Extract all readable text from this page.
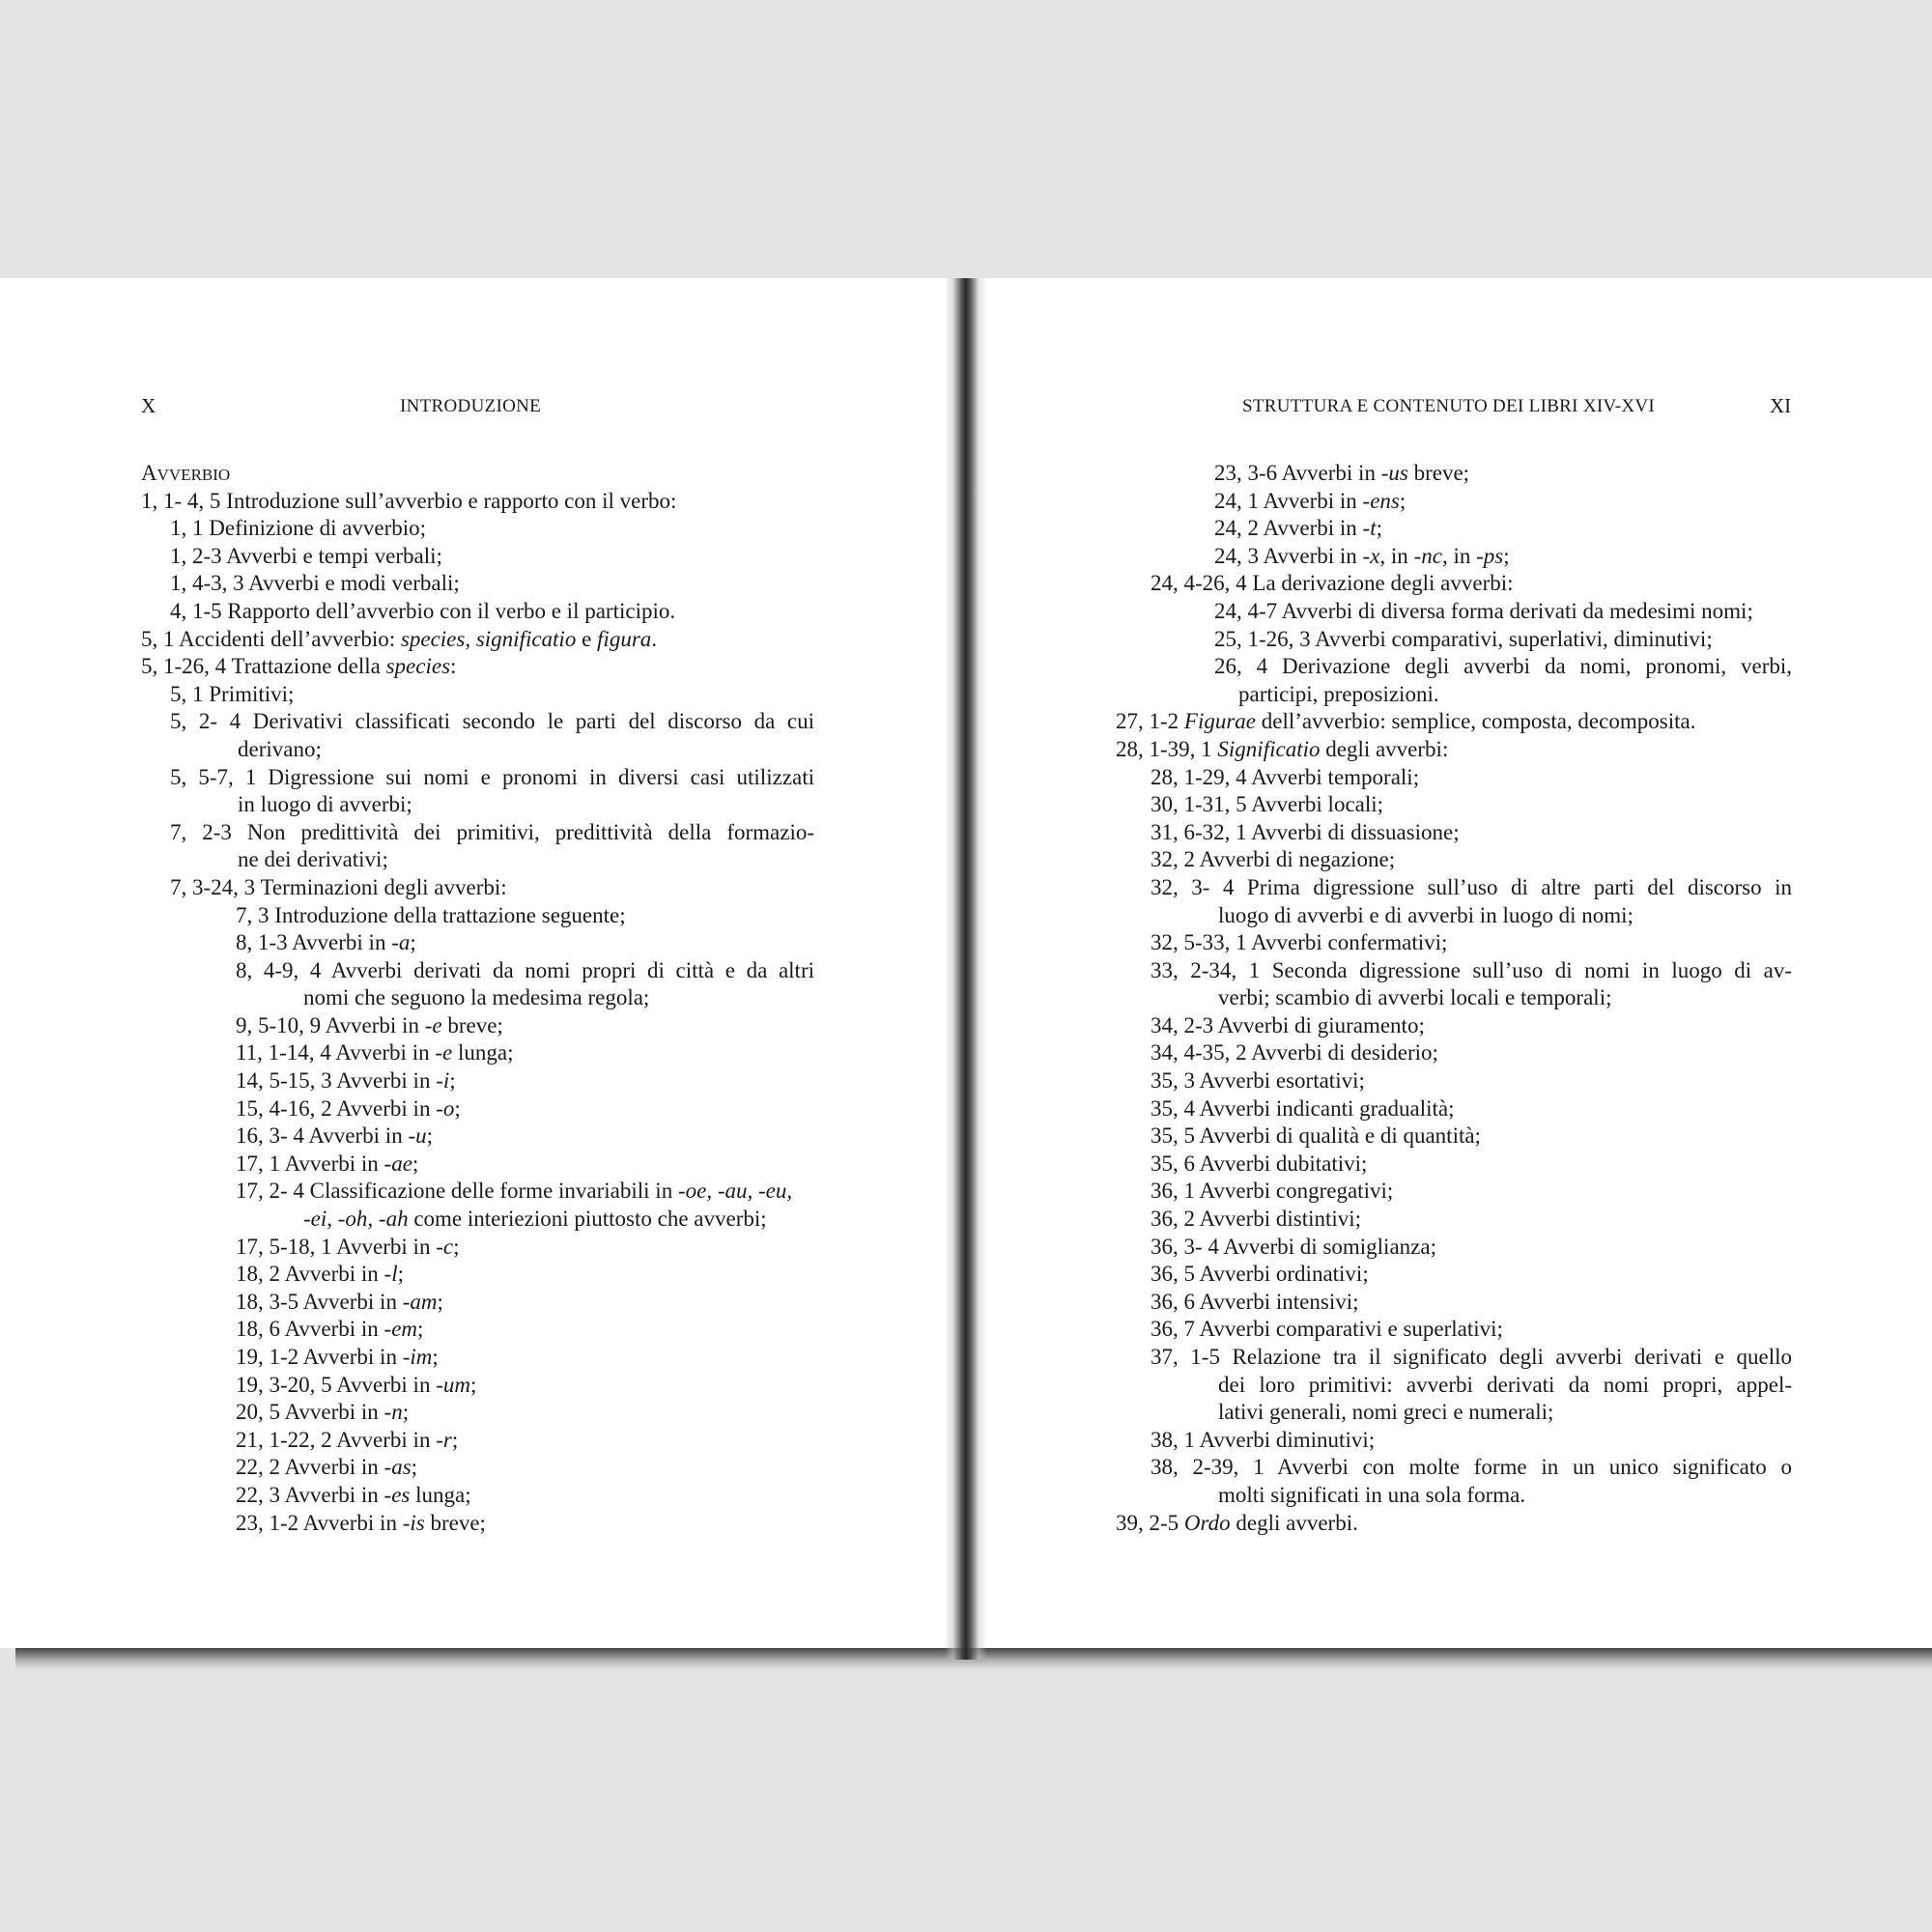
X	INTRODUZIONE
AVVERBIO
1, 1- 4, 5 Introduzione sull’avverbio e rapporto con il verbo:
1, 1 Definizione di avverbio;
1, 2-3 Avverbi e tempi verbali;
1, 4-3, 3 Avverbi e modi verbali;
4, 1-5 Rapporto dell’avverbio con il verbo e il participio.
5, 1 Accidenti dell’avverbio: species, significatio e figura.
5, 1-26, 4 Trattazione della species:
5, 1 Primitivi;
5, 2- 4 Derivativi classificati secondo le parti del discorso da cui
derivano;
5, 5-7, 1 Digressione sui nomi e pronomi in diversi casi utilizzati
in luogo di avverbi;
7, 2-3 Non predittività dei primitivi, predittività della formazio-
ne dei derivativi;
7, 3-24, 3 Terminazioni degli avverbi:
7, 3 Introduzione della trattazione seguente;
8, 1-3 Avverbi in -a;
8, 4-9, 4 Avverbi derivati da nomi propri di città e da altri
nomi che seguono la medesima regola;
9, 5-10, 9 Avverbi in -e breve;
11, 1-14, 4 Avverbi in -e lunga;
14, 5-15, 3 Avverbi in -i;
15, 4-16, 2 Avverbi in -o;
16, 3- 4 Avverbi in -u;
17, 1 Avverbi in -ae;
17, 2- 4 Classificazione delle forme invariabili in -oe, -au, -eu,
-ei, -oh, -ah come interiezioni piuttosto che avverbi;
17, 5-18, 1 Avverbi in -c;
18, 2 Avverbi in -l;
18, 3-5 Avverbi in -am;
18, 6 Avverbi in -em;
19, 1-2 Avverbi in -im;
19, 3-20, 5 Avverbi in -um;
20, 5 Avverbi in -n;
21, 1-22, 2 Avverbi in -r;
22, 2 Avverbi in -as;
22, 3 Avverbi in -es lunga;
23, 1-2 Avverbi in -is breve;
STRUTTURA E CONTENUTO DEI LIBRI XIV-XVI	XI
23, 3-6 Avverbi in -us breve;
24, 1 Avverbi in -ens;
24, 2 Avverbi in -t;
24, 3 Avverbi in -x, in -nc, in -ps;
24, 4-26, 4 La derivazione degli avverbi:
24, 4-7 Avverbi di diversa forma derivati da medesimi nomi;
25, 1-26, 3 Avverbi comparativi, superlativi, diminutivi;
26, 4 Derivazione degli avverbi da nomi, pronomi, verbi,
participi, preposizioni.
27, 1-2 Figurae dell’avverbio: semplice, composta, decomposita.
28, 1-39, 1 Significatio degli avverbi:
28, 1-29, 4 Avverbi temporali;
30, 1-31, 5 Avverbi locali;
31, 6-32, 1 Avverbi di dissuasione;
32, 2 Avverbi di negazione;
32, 3- 4 Prima digressione sull’uso di altre parti del discorso in
luogo di avverbi e di avverbi in luogo di nomi;
32, 5-33, 1 Avverbi confermativi;
33, 2-34, 1 Seconda digressione sull’uso di nomi in luogo di av-
verbi; scambio di avverbi locali e temporali;
34, 2-3 Avverbi di giuramento;
34, 4-35, 2 Avverbi di desiderio;
35, 3 Avverbi esortativi;
35, 4 Avverbi indicanti gradualità;
35, 5 Avverbi di qualità e di quantità;
35, 6 Avverbi dubitativi;
36, 1 Avverbi congregativi;
36, 2 Avverbi distintivi;
36, 3- 4 Avverbi di somiglianza;
36, 5 Avverbi ordinativi;
36, 6 Avverbi intensivi;
36, 7 Avverbi comparativi e superlativi;
37, 1-5 Relazione tra il significato degli avverbi derivati e quello
dei loro primitivi: avverbi derivati da nomi propri, appel-
lativi generali, nomi greci e numerali;
38, 1 Avverbi diminutivi;
38, 2-39, 1 Avverbi con molte forme in un unico significato o
molti significati in una sola forma.
39, 2-5 Ordo degli avverbi.
